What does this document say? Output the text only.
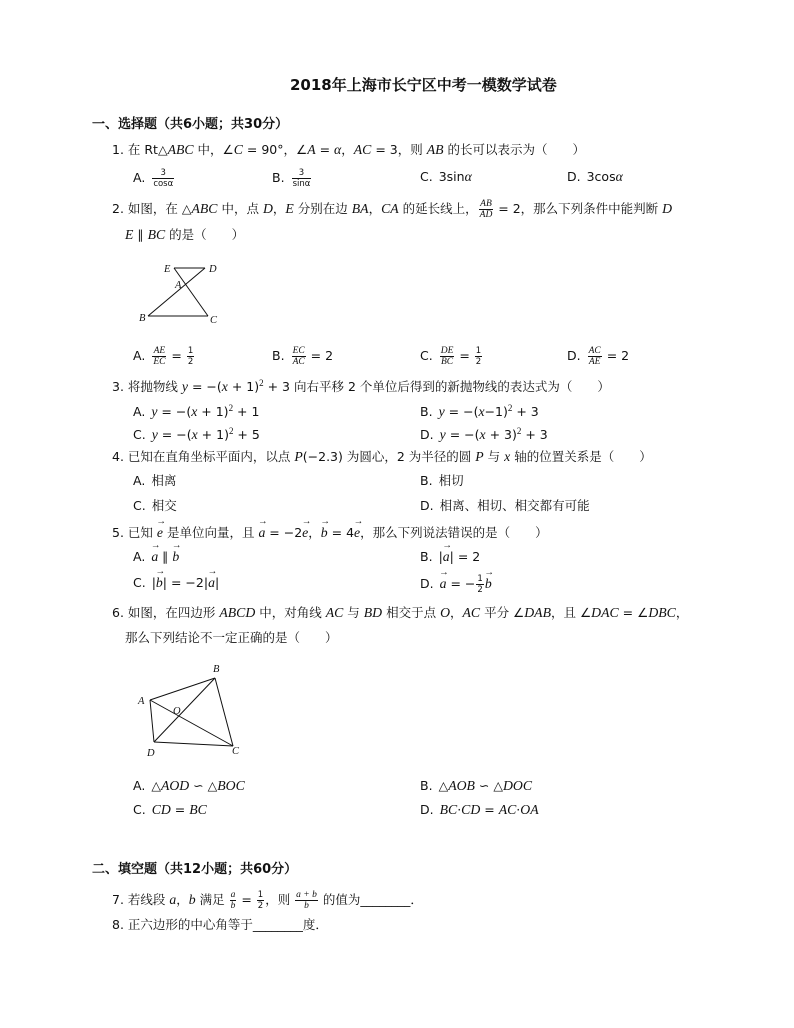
2018年上海市长宁区中考一模数学试卷
一、选择题（共6小题；共30分）
1. 在 Rt△ABC 中，∠C = 90°，∠A = α，AC = 3，则 AB 的长可以表示为（　　）
A. $\frac{3}{\cos\alpha}$	B. $\frac{3}{\sin\alpha}$	C. 3sinα	D. 3cosα
2. 如图，在 △ABC 中，点 D，E 分别在边 BA，CA 的延长线上， $\frac{AB}{AD} = 2$，那么下列条件中能判断 D
E ∥ BC 的是（　　）
E	D
A
B	C
A. $\frac{AE}{EC} = \frac{1}{2}$	B. $\frac{EC}{AC} = 2$	C. $\frac{DE}{BC} = \frac{1}{2}$	D. $\frac{AC}{AE} = 2$
3. 将抛物线 $y = -(x + 1)^2 + 3$ 向右平移 2 个单位后得到的新抛物线的表达式为（　　）
A. $y = -(x + 1)^2 + 1$	B. $y = -(x-1)^2 + 3$
C. $y = -(x + 1)^2 + 5$	D. $y = -(x + 3)^2 + 3$
4. 已知在直角坐标平面内，以点 P(−2.3) 为圆心，2 为半径的圆 P 与 x 轴的位置关系是（　　）
A. 相离	B. 相切
C. 相交	D. 相离、相切、相交都有可能
5. 已知 e → 是单位向量，且 a → = −2e →，b → = 4e →，那么下列说法错误的是（　　）
A. a → ∥ b →	B. |a →| = 2
C. |b →| = −2|a →|	D. a → = − $\frac{1}{2}$ b →
6. 如图，在四边形 ABCD 中，对角线 AC 与 BD 相交于点 O，AC 平分 ∠DAB，且 ∠DAC = ∠DBC，
那么下列结论不一定正确的是（　　）
B
A
O
D	C
A. △AOD ∽ △BOC	B. △AOB ∽ △DOC
C. CD = BC	D. BC·CD = AC·OA
二、填空题（共12小题；共60分）
7. 若线段 a，b 满足 $\frac{a}{b} = \frac{1}{2}$ ，则 $\frac{a + b}{b}$ 的值为________．
8. 正六边形的中心角等于________度．
